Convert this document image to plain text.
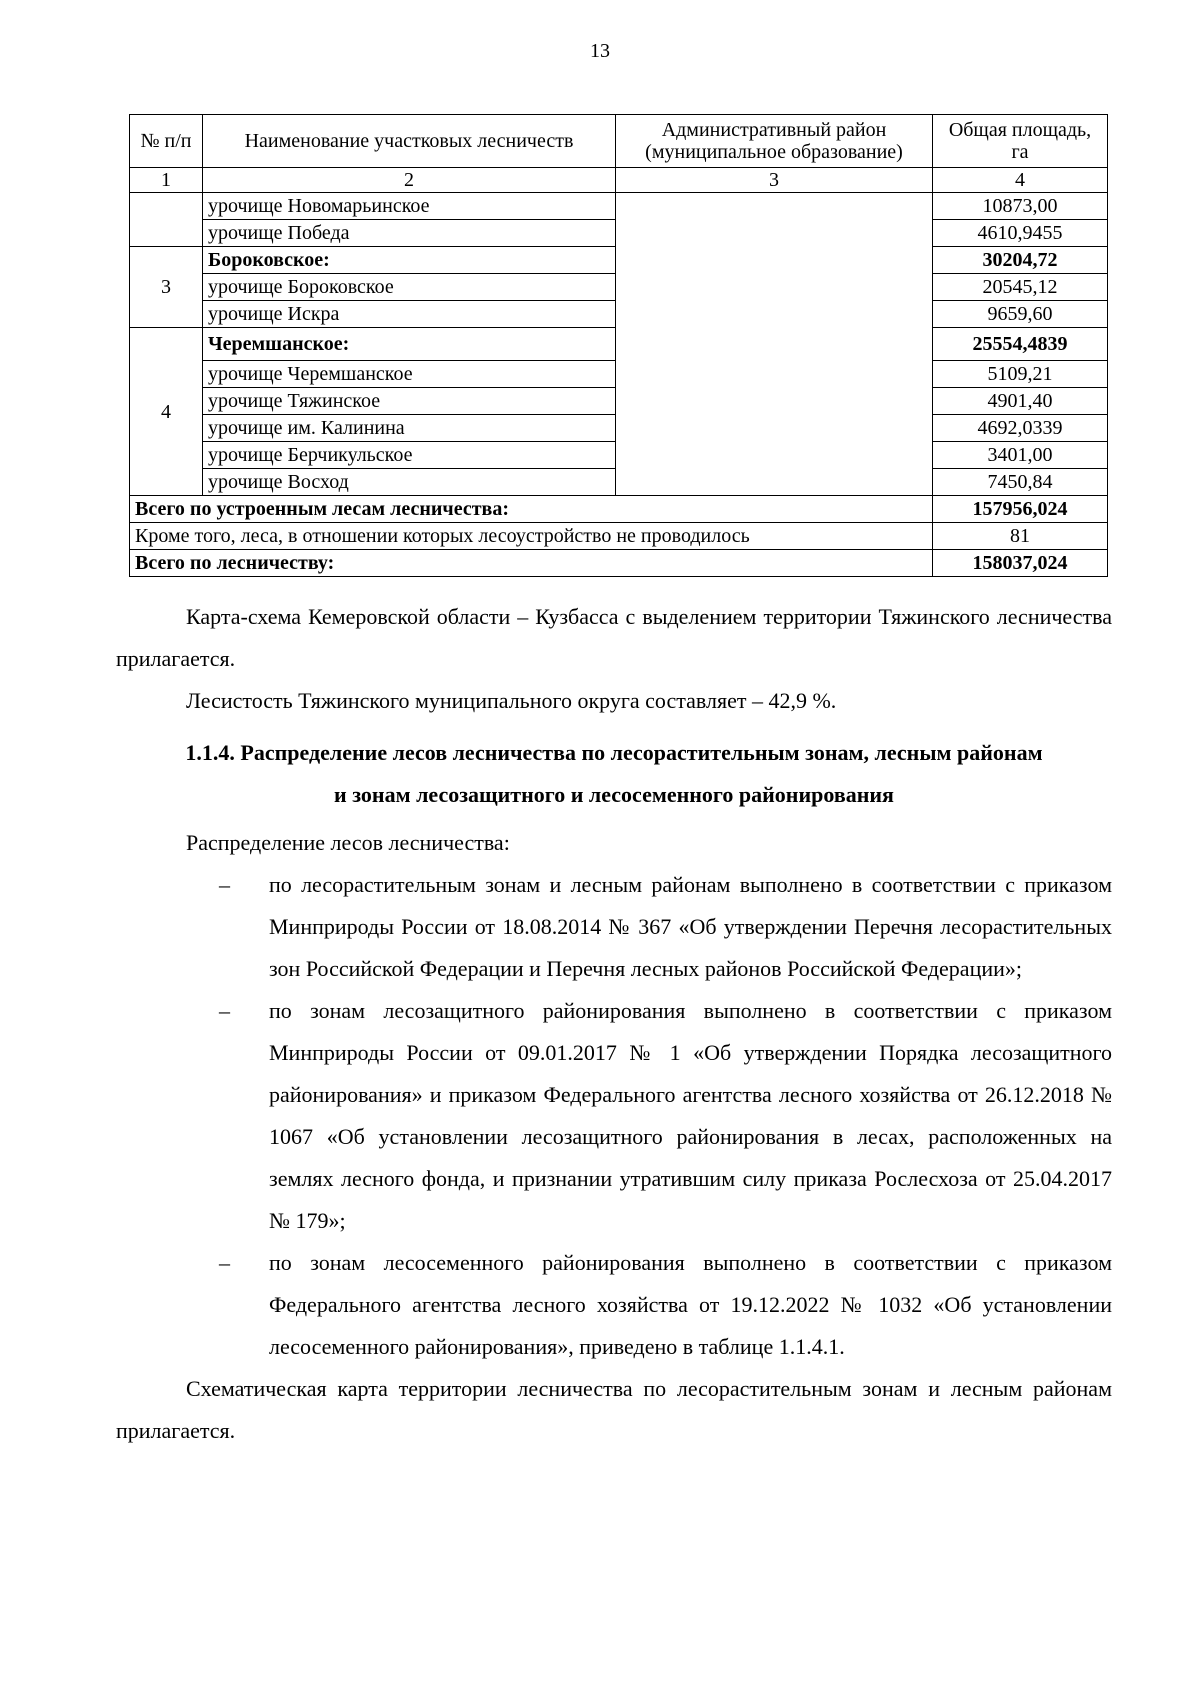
13
№ п/п	Наименование участковых лесничеств	Административный район (муниципальное образование)	Общая площадь, га
1	2	3	4
	урочище Новомарьинское		10873,00
	урочище Победа		4610,9455
3	Бороковское:		30204,72
	урочище Бороковское		20545,12
	урочище Искра		9659,60
4	Черемшанское:		25554,4839
	урочище Черемшанское		5109,21
	урочище Тяжинское		4901,40
	урочище им. Калинина		4692,0339
	урочище Берчикульское		3401,00
	урочище Восход		7450,84
Всего по устроенным лесам лесничества:			157956,024
Кроме того, леса, в отношении которых лесоустройство не проводилось			81
Всего по лесничеству:			158037,024

Карта-схема Кемеровской области – Кузбасса с выделением территории Тяжинского лесничества прилагается.

Лесистость Тяжинского муниципального округа составляет – 42,9 %.

1.1.4. Распределение лесов лесничества по лесорастительным зонам, лесным районам

и зонам лесозащитного и лесосеменного районирования

Распределение лесов лесничества:

–	по лесорастительным зонам и лесным районам выполнено в соответствии с приказом Минприроды России от 18.08.2014 № 367 «Об утверждении Перечня лесорастительных зон Российской Федерации и Перечня лесных районов Российской Федерации»;
–	по зонам лесозащитного районирования выполнено в соответствии с приказом Минприроды России от 09.01.2017 № 1 «Об утверждении Порядка лесозащитного районирования» и приказом Федерального агентства лесного хозяйства от 26.12.2018 № 1067 «Об установлении лесозащитного районирования в лесах, расположенных на землях лесного фонда, и признании утратившим силу приказа Рослесхоза от 25.04.2017 № 179»;
–	по зонам лесосеменного районирования выполнено в соответствии с приказом Федерального агентства лесного хозяйства от 19.12.2022 № 1032 «Об установлении лесосеменного районирования», приведено в таблице 1.1.4.1.

Схематическая карта территории лесничества по лесорастительным зонам и лесным районам прилагается.
